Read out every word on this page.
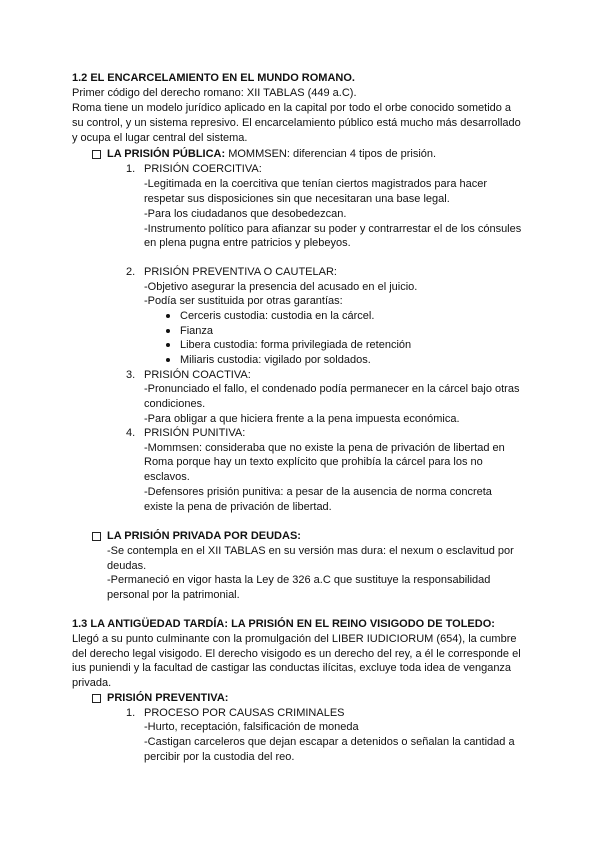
1.2 EL ENCARCELAMIENTO EN EL MUNDO ROMANO.
Primer código del derecho romano: XII TABLAS (449 a.C).
Roma tiene un modelo jurídico aplicado en la capital por todo el orbe conocido sometido a
su control, y un sistema represivo. El encarcelamiento público está mucho más desarrollado
y ocupa el lugar central del sistema.
LA PRISIÓN PÚBLICA: MOMMSEN: diferencian 4 tipos de prisión.
1. PRISIÓN COERCITIVA:
-Legitimada en la coercitiva que tenían ciertos magistrados para hacer
respetar sus disposiciones sin que necesitaran una base legal.
-Para los ciudadanos que desobedezcan.
-Instrumento político para afianzar su poder y contrarrestar el de los cónsules
en plena pugna entre patricios y plebeyos.
2. PRISIÓN PREVENTIVA O CAUTELAR:
-Objetivo asegurar la presencia del acusado en el juicio.
-Podía ser sustituida por otras garantías:
Cerceris custodia: custodia en la cárcel.
Fianza
Libera custodia: forma privilegiada de retención
Miliaris custodia: vigilado por soldados.
3. PRISIÓN COACTIVA:
-Pronunciado el fallo, el condenado podía permanecer en la cárcel bajo otras
condiciones.
-Para obligar a que hiciera frente a la pena impuesta económica.
4. PRISIÓN PUNITIVA:
-Mommsen: consideraba que no existe la pena de privación de libertad en
Roma porque hay un texto explícito que prohibía la cárcel para los no
esclavos.
-Defensores prisión punitiva: a pesar de la ausencia de norma concreta
existe la pena de privación de libertad.
LA PRISIÓN PRIVADA POR DEUDAS:
-Se contempla en el XII TABLAS en su versión mas dura: el nexum o esclavitud por
deudas.
-Permaneció en vigor hasta la Ley de 326 a.C que sustituye la responsabilidad
personal por la patrimonial.
1.3 LA ANTIGÜEDAD TARDÍA: LA PRISIÓN EN EL REINO VISIGODO DE TOLEDO:
Llegó a su punto culminante con la promulgación del LIBER IUDICIORUM (654), la cumbre
del derecho legal visigodo. El derecho visigodo es un derecho del rey, a él le corresponde el
ius puniendi y la facultad de castigar las conductas ilícitas, excluye toda idea de venganza
privada.
PRISIÓN PREVENTIVA:
1. PROCESO POR CAUSAS CRIMINALES
-Hurto, receptación, falsificación de moneda
-Castigan carceleros que dejan escapar a detenidos o señalan la cantidad a
percibir por la custodia del reo.
